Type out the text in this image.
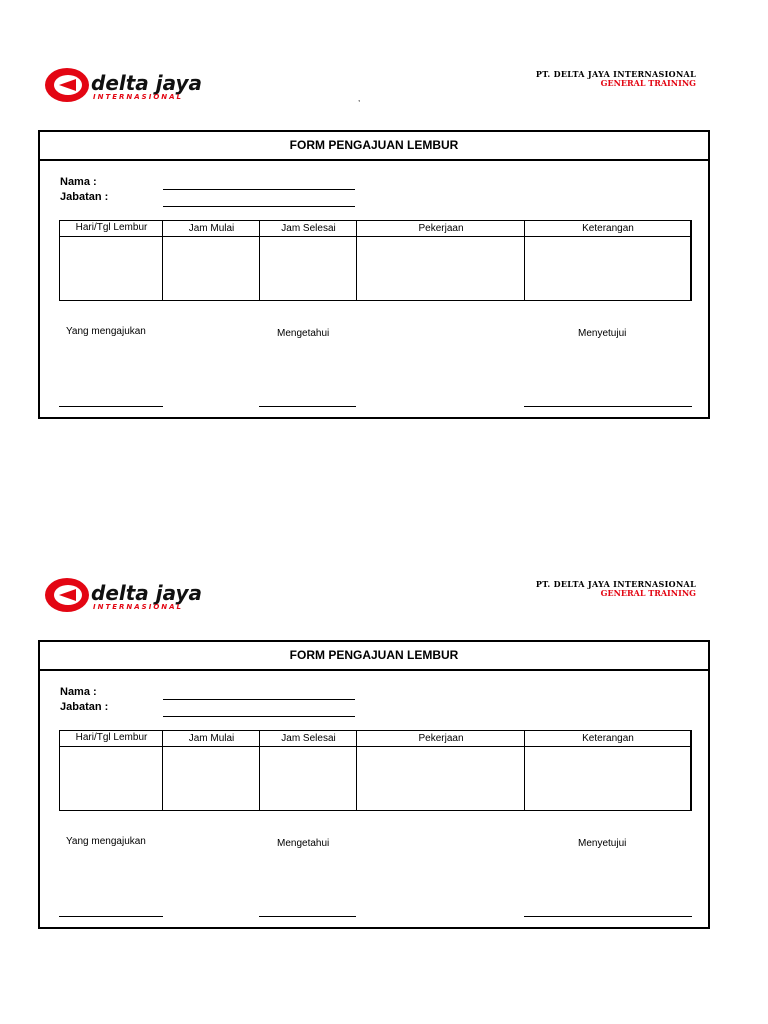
delta jaya
INTERNASIONAL
PT. DELTA JAYA INTERNASIONAL
GENERAL TRAINING
,
FORM PENGAJUAN LEMBUR
Nama :
Jabatan :
Hari/Tgl Lembur	Jam Mulai	Jam Selesai	Pekerjaan	Keterangan
Yang mengajukan	Mengetahui	Menyetujui
delta jaya
INTERNASIONAL
PT. DELTA JAYA INTERNASIONAL
GENERAL TRAINING
FORM PENGAJUAN LEMBUR
Nama :
Jabatan :
Hari/Tgl Lembur	Jam Mulai	Jam Selesai	Pekerjaan	Keterangan
Yang mengajukan	Mengetahui	Menyetujui
